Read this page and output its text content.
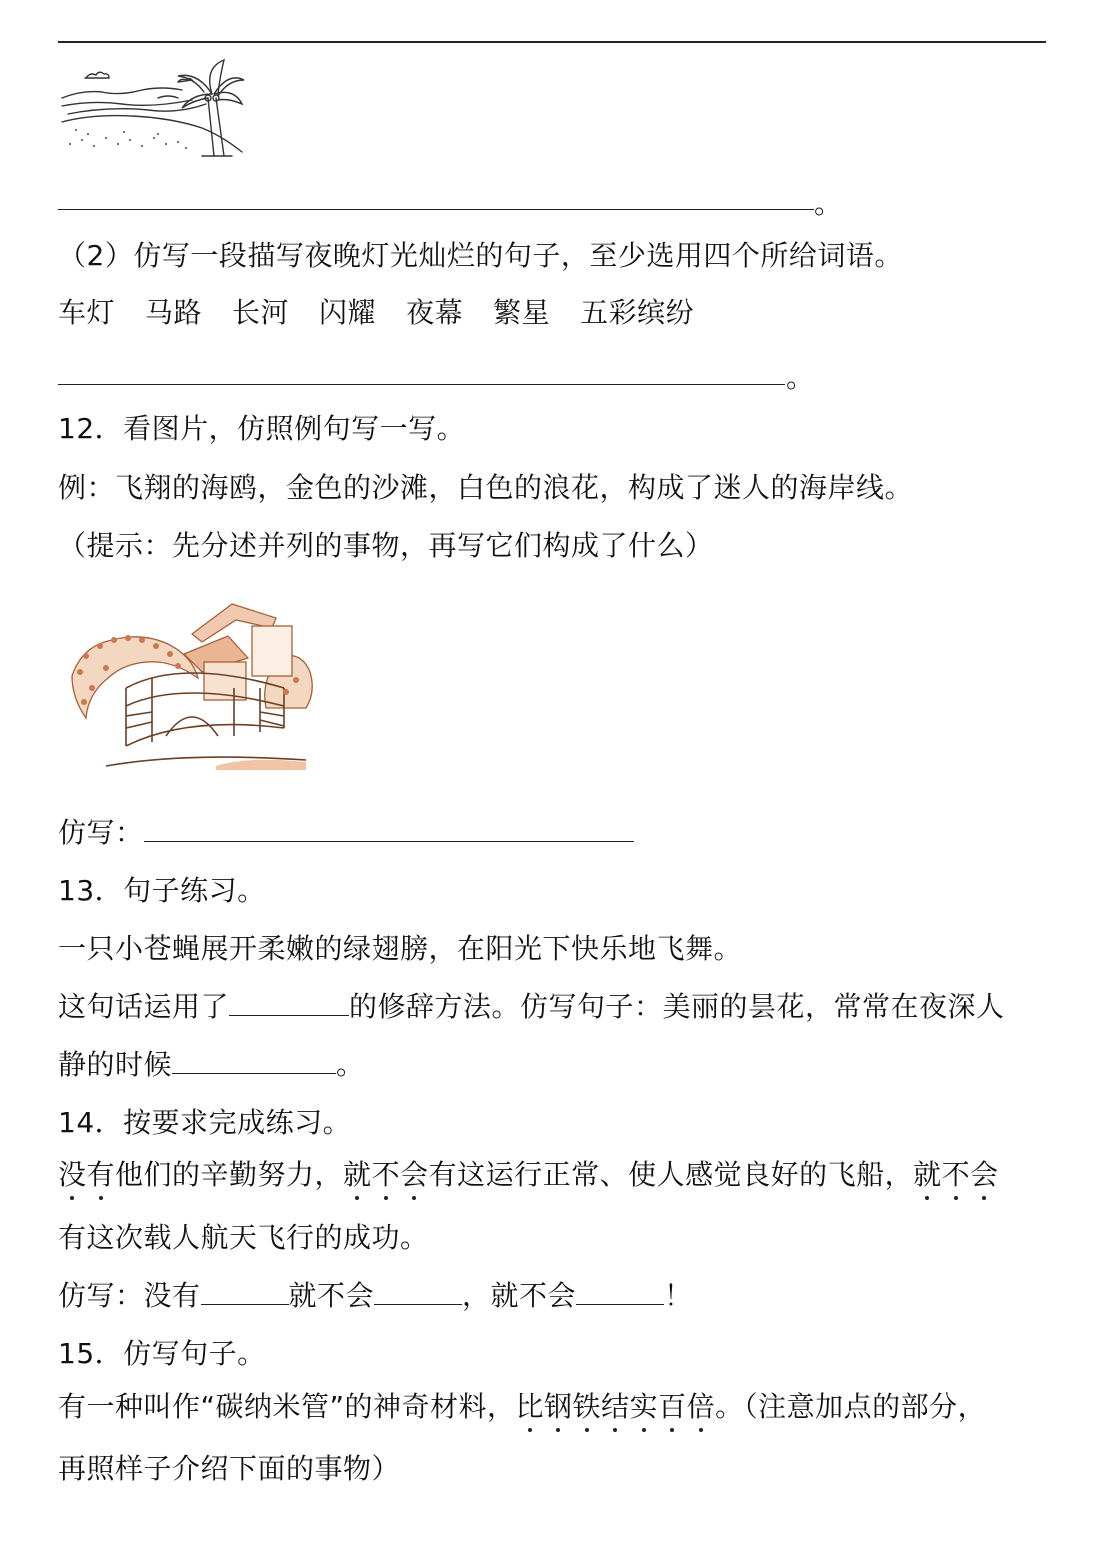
。
（2）仿写一段描写夜晚灯光灿烂的句子，至少选用四个所给词语。
车灯 马路 长河 闪耀 夜幕 繁星 五彩缤纷
。
12．看图片，仿照例句写一写。
例：飞翔的海鸥，金色的沙滩，白色的浪花，构成了迷人的海岸线。
（提示：先分述并列的事物，再写它们构成了什么）
仿写：
13．句子练习。
一只小苍蝇展开柔嫩的绿翅膀，在阳光下快乐地飞舞。
这句话运用了	的修辞方法。仿写句子：美丽的昙花，常常在夜深人
静的时候	。
14．按要求完成练习。
没有他们的辛勤努力，就不会有这运行正常、使人感觉良好的飞船，就不会
有这次载人航天飞行的成功。
仿写：没有	就不会	，就不会	！
15．仿写句子。
有一种叫作“碳纳米管”的神奇材料，比钢铁结实百倍。（注意加点的部分，
再照样子介绍下面的事物）
